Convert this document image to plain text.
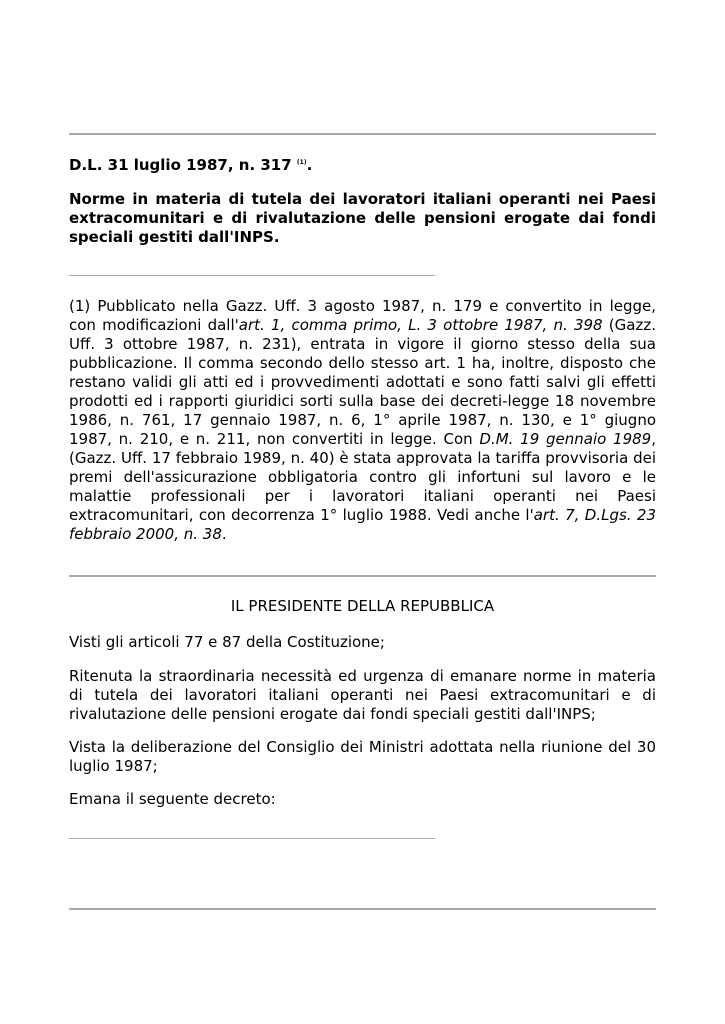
D.L. 31 luglio 1987, n. 317 $^{(1)}$.

Norme in materia di tutela dei lavoratori italiani operanti nei Paesi extracomunitari e di rivalutazione delle pensioni erogate dai fondi speciali gestiti dall'INPS.

(1) Pubblicato nella Gazz. Uff. 3 agosto 1987, n. 179 e convertito in legge, con modificazioni dall'art. 1, comma primo, L. 3 ottobre 1987, n. 398 (Gazz. Uff. 3 ottobre 1987, n. 231), entrata in vigore il giorno stesso della sua pubblicazione. Il comma secondo dello stesso art. 1 ha, inoltre, disposto che restano validi gli atti ed i provvedimenti adottati e sono fatti salvi gli effetti prodotti ed i rapporti giuridici sorti sulla base dei decreti-legge 18 novembre 1986, n. 761, 17 gennaio 1987, n. 6, 1° aprile 1987, n. 130, e 1° giugno 1987, n. 210, e n. 211, non convertiti in legge. Con D.M. 19 gennaio 1989, (Gazz. Uff. 17 febbraio 1989, n. 40) è stata approvata la tariffa provvisoria dei premi dell'assicurazione obbligatoria contro gli infortuni sul lavoro e le malattie professionali per i lavoratori italiani operanti nei Paesi extracomunitari, con decorrenza 1° luglio 1988. Vedi anche l'art. 7, D.Lgs. 23 febbraio 2000, n. 38.

IL PRESIDENTE DELLA REPUBBLICA

Visti gli articoli 77 e 87 della Costituzione;

Ritenuta la straordinaria necessità ed urgenza di emanare norme in materia di tutela dei lavoratori italiani operanti nei Paesi extracomunitari e di rivalutazione delle pensioni erogate dai fondi speciali gestiti dall'INPS;

Vista la deliberazione del Consiglio dei Ministri adottata nella riunione del 30 luglio 1987;

Emana il seguente decreto:
